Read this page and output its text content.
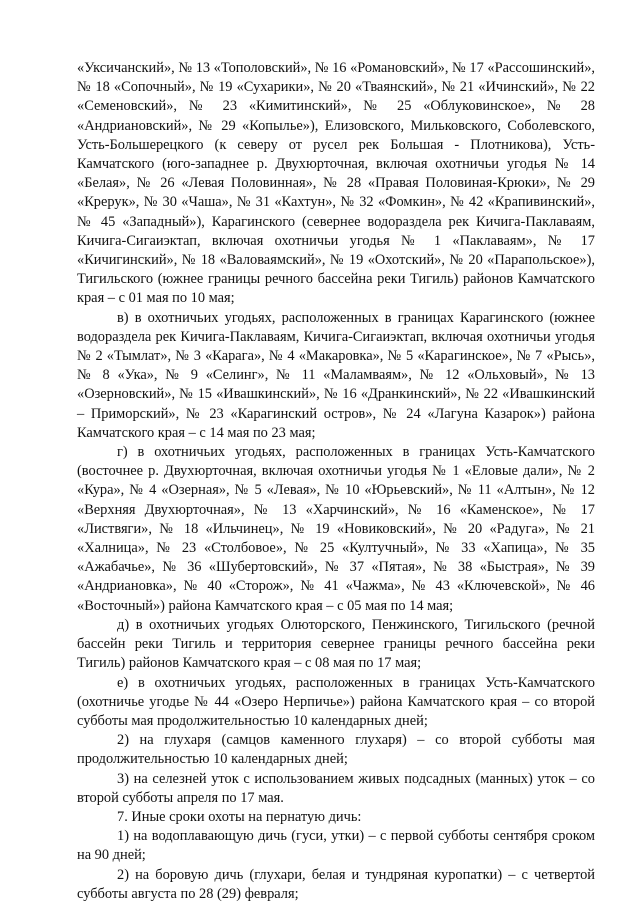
«Уксичанский», № 13 «Тополовский», № 16 «Романовский», № 17 «Рассошинский», № 18 «Сопочный», № 19 «Сухарики», № 20 «Тваянский», № 21 «Ичинский», № 22 «Семеновский», № 23 «Кимитинский», № 25 «Облуковинское», № 28 «Андриановский», № 29 «Копылье»), Елизовского, Мильковского, Соболевского, Усть-Большерецкого (к северу от русел рек Большая - Плотникова), Усть-Камчатского (юго-западнее р. Двухюрточная, включая охотничьи угодья № 14 «Белая», № 26 «Левая Половинная», № 28 «Правая Половиная-Крюки», № 29 «Крерук», № 30 «Чаша», № 31 «Кахтун», № 32 «Фомкин», № 42 «Крапивинский», № 45 «Западный»), Карагинского (севернее водораздела рек Кичига-Паклаваям, Кичига-Сигаиэктап, включая охотничьи угодья № 1 «Паклаваям», № 17 «Кичигинский», № 18 «Валоваямский», № 19 «Охотский», № 20 «Парапольское»), Тигильского (южнее границы речного бассейна реки Тигиль) районов Камчатского края – с 01 мая по 10 мая;

в) в охотничьих угодьях, расположенных в границах Карагинского (южнее водораздела рек Кичига-Паклаваям, Кичига-Сигаиэктап, включая охотничьи угодья № 2 «Тымлат», № 3 «Карага», № 4 «Макаровка», № 5 «Карагинское», № 7 «Рысь», № 8 «Ука», № 9 «Селинг», № 11 «Маламваям», № 12 «Ольховый», № 13 «Озерновский», № 15 «Ивашкинский», № 16 «Дранкинский», № 22 «Ивашкинский – Приморский», № 23 «Карагинский остров», № 24 «Лагуна Казарок») района Камчатского края – с 14 мая по 23 мая;

г) в охотничьих угодьях, расположенных в границах Усть-Камчатского (восточнее р. Двухюрточная, включая охотничьи угодья № 1 «Еловые дали», № 2 «Кура», № 4 «Озерная», № 5 «Левая», № 10 «Юрьевский», № 11 «Алтын», № 12 «Верхняя Двухюрточная», № 13 «Харчинский», № 16 «Каменское», № 17 «Листвяги», № 18 «Ильчинец», № 19 «Новиковский», № 20 «Радуга», № 21 «Халница», № 23 «Столбовое», № 25 «Култучный», № 33 «Хапица», № 35 «Ажабачье», № 36 «Шубертовский», № 37 «Пятая», № 38 «Быстрая», № 39 «Андриановка», № 40 «Сторож», № 41 «Чажма», № 43 «Ключевской», № 46 «Восточный») района Камчатского края – с 05 мая по 14 мая;

д) в охотничьих угодьях Олюторского, Пенжинского, Тигильского (речной бассейн реки Тигиль и территория севернее границы речного бассейна реки Тигиль) районов Камчатского края – с 08 мая по 17 мая;

е) в охотничьих угодьях, расположенных в границах Усть-Камчатского (охотничье угодье № 44 «Озеро Нерпичье») района Камчатского края – со второй субботы мая продолжительностью 10 календарных дней;

2) на глухаря (самцов каменного глухаря) – со второй субботы мая продолжительностью 10 календарных дней;

3) на селезней уток с использованием живых подсадных (манных) уток – со второй субботы апреля по 17 мая.

7. Иные сроки охоты на пернатую дичь:

1) на водоплавающую дичь (гуси, утки) – с первой субботы сентября сроком на 90 дней;

2) на боровую дичь (глухари, белая и тундряная куропатки) – с четвертой субботы августа по 28 (29) февраля;
